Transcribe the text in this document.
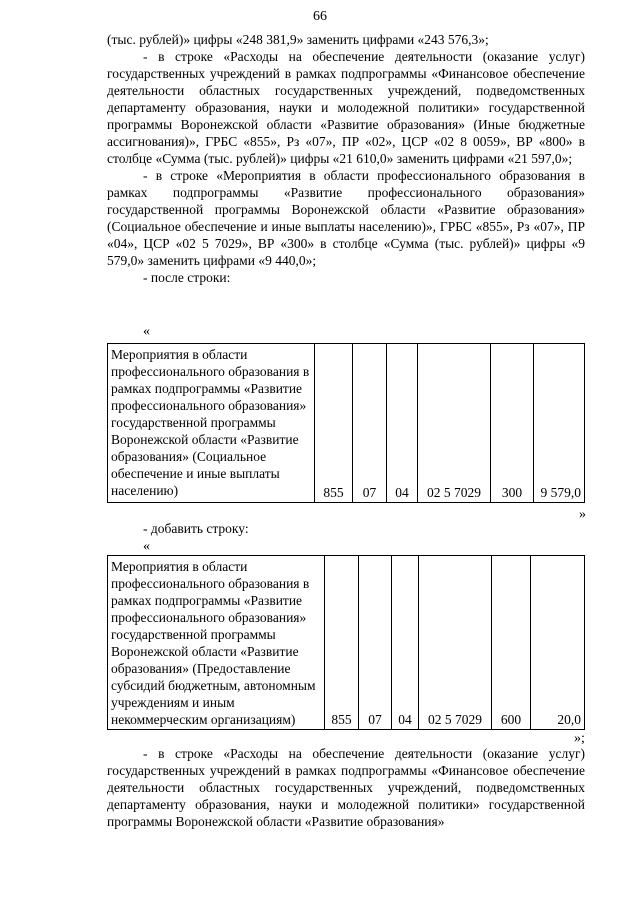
66

(тыс. рублей)» цифры «248 381,9» заменить цифрами «243 576,3»;

- в строке «Расходы на обеспечение деятельности (оказание услуг) государственных учреждений в рамках подпрограммы «Финансовое обеспечение деятельности областных государственных учреждений, подведомственных департаменту образования, науки и молодежной политики» государственной программы Воронежской области «Развитие образования» (Иные бюджетные ассигнования)», ГРБС «855», Рз «07», ПР «02», ЦСР «02 8 0059», ВР «800» в столбце «Сумма (тыс. рублей)» цифры «21 610,0» заменить цифрами «21 597,0»;

- в строке «Мероприятия в области профессионального образования в рамках подпрограммы «Развитие профессионального образования» государственной программы Воронежской области «Развитие образования» (Социальное обеспечение и иные выплаты населению)», ГРБС «855», Рз «07», ПР «04», ЦСР «02 5 7029», ВР «300» в столбце «Сумма (тыс. рублей)» цифры «9 579,0» заменить цифрами «9 440,0»;

- после строки:

«
Мероприятия в области профессионального образования в рамках подпрограммы «Развитие профессионального образования» государственной программы Воронежской области «Развитие образования» (Социальное обеспечение и иные выплаты населению)	855	07	04	02 5 7029	300	9 579,0
»
- добавить строку:
«
Мероприятия в области профессионального образования в рамках подпрограммы «Развитие профессионального образования» государственной программы Воронежской области «Развитие образования» (Предоставление субсидий бюджетным, автономным учреждениям и иным некоммерческим организациям)	855	07	04	02 5 7029	600	20,0
»;

- в строке «Расходы на обеспечение деятельности (оказание услуг) государственных учреждений в рамках подпрограммы «Финансовое обеспечение деятельности областных государственных учреждений, подведомственных департаменту образования, науки и молодежной политики» государственной программы Воронежской области «Развитие образования»
